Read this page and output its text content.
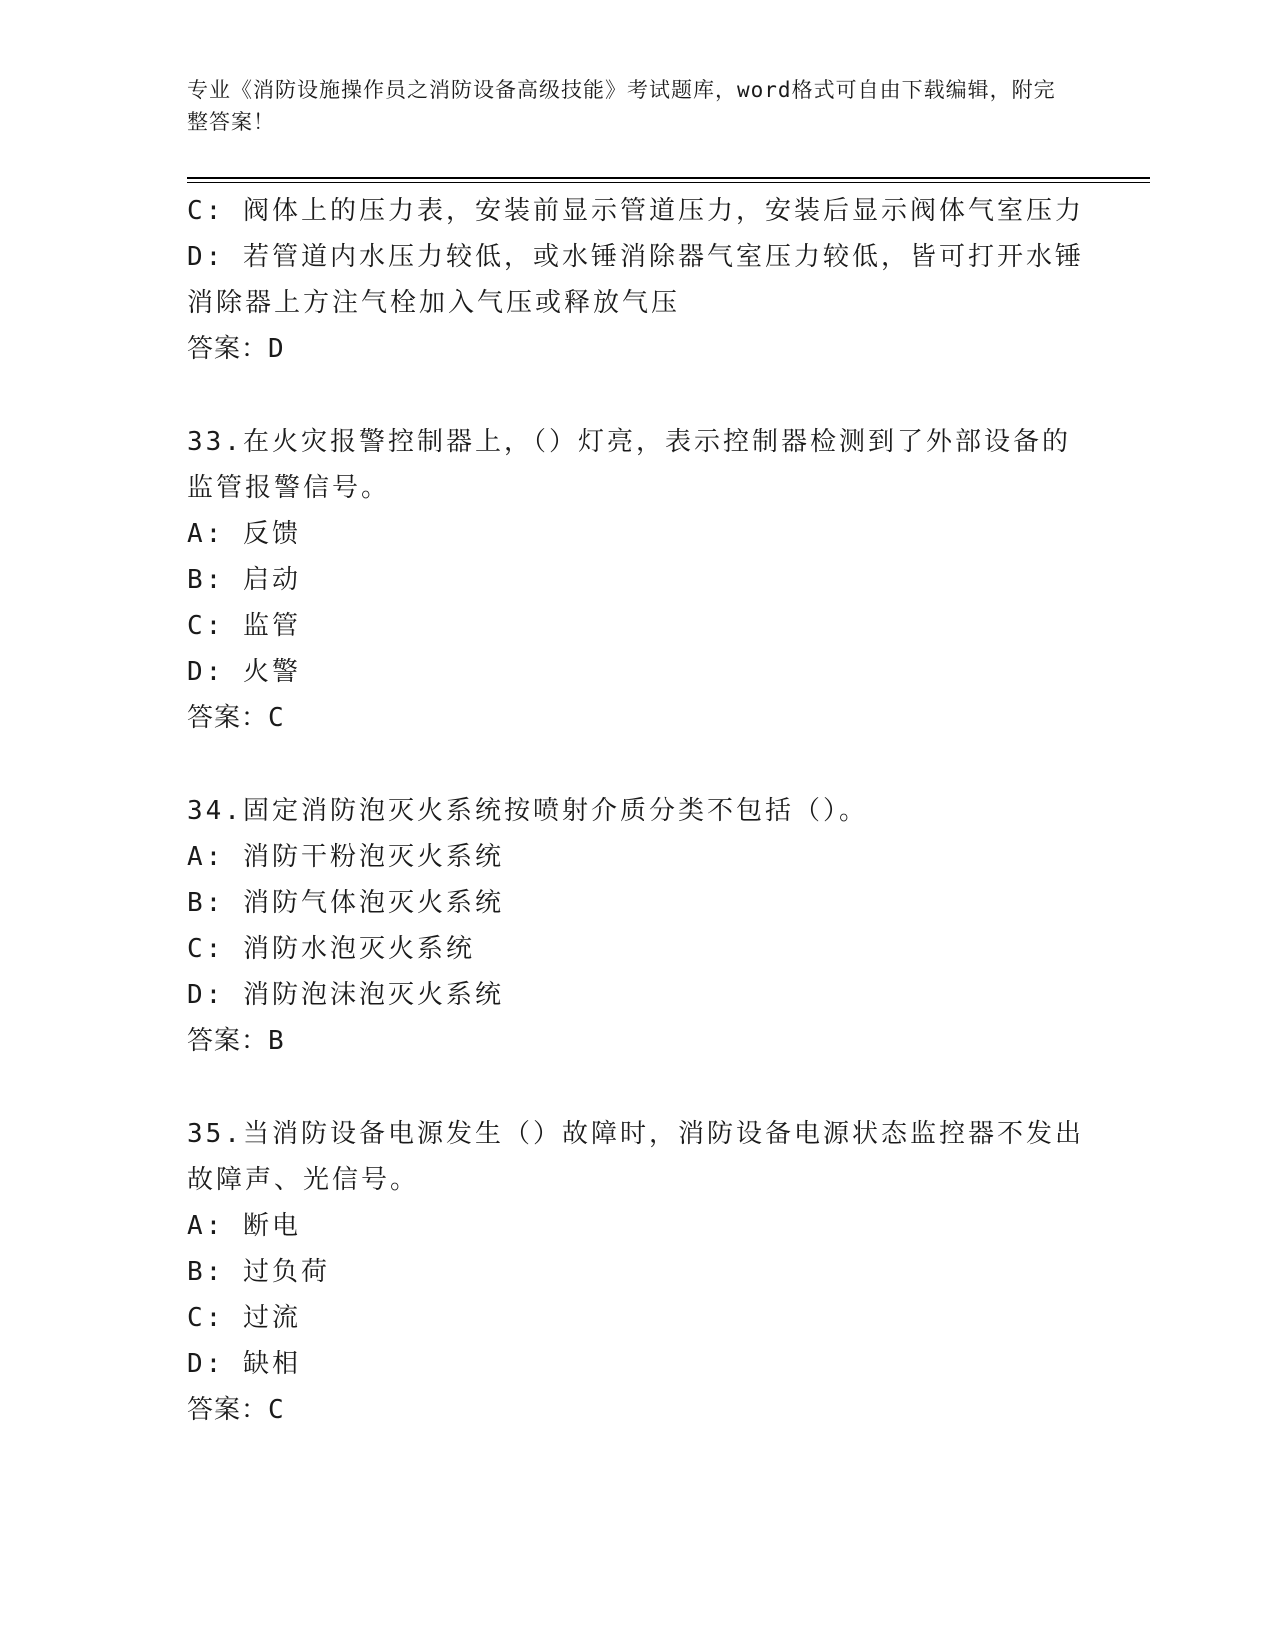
专业《消防设施操作员之消防设备高级技能》考试题库，word格式可自由下载编辑，附完整答案！
C: 阀体上的压力表，安装前显示管道压力，安装后显示阀体气室压力
D: 若管道内水压力较低，或水锤消除器气室压力较低，皆可打开水锤
消除器上方注气栓加入气压或释放气压
答案：D
33.在火灾报警控制器上，（）灯亮，表示控制器检测到了外部设备的
监管报警信号。
A: 反馈
B: 启动
C: 监管
D: 火警
答案：C
34.固定消防泡灭火系统按喷射介质分类不包括（）。
A: 消防干粉泡灭火系统
B: 消防气体泡灭火系统
C: 消防水泡灭火系统
D: 消防泡沫泡灭火系统
答案：B
35.当消防设备电源发生（）故障时，消防设备电源状态监控器不发出
故障声、光信号。
A: 断电
B: 过负荷
C: 过流
D: 缺相
答案：C
